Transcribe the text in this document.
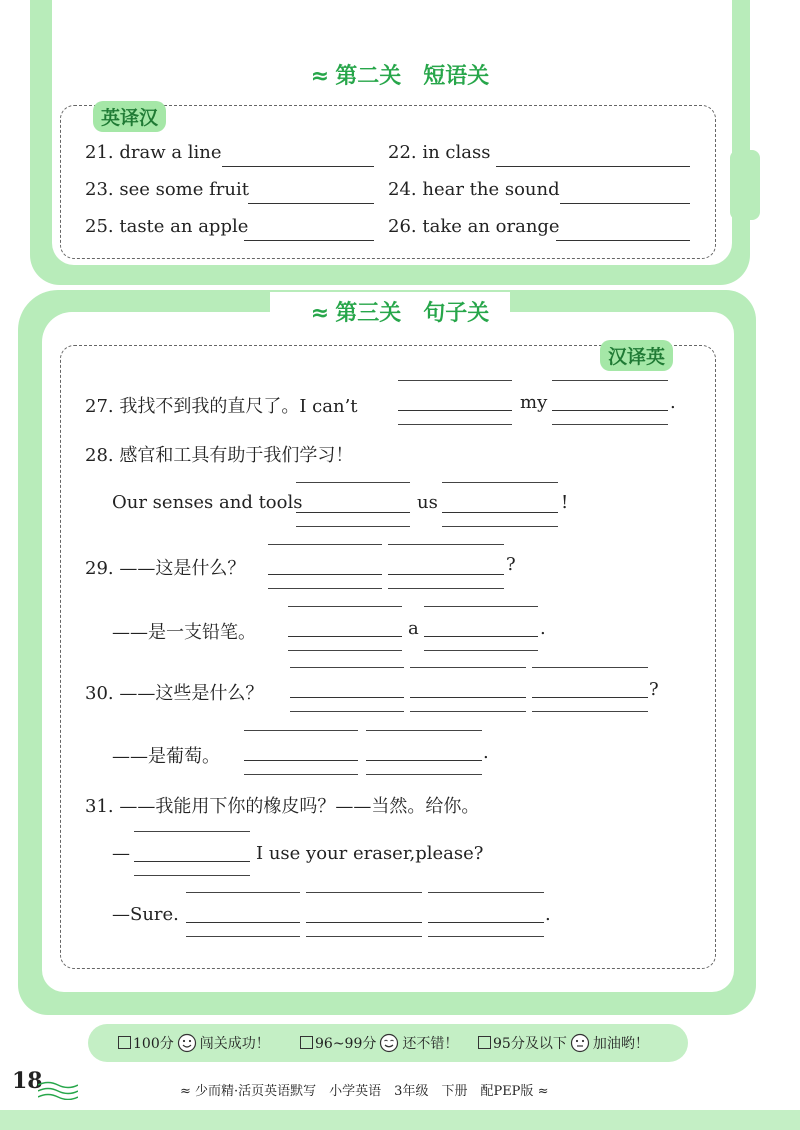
≈ 第二关 短语关
英译汉
21. draw a line	22. in class
23. see some fruit	24. hear the sound
25. taste an apple	26. take an orange
≈ 第三关 句子关
汉译英
27. 我找不到我的直尺了。I can’t	my	.
28. 感官和工具有助于我们学习！
Our senses and tools	us	!
29. ——这是什么？	?
——是一支铅笔。	a	.
30. ——这些是什么？	?
——是葡萄。	.
31. ——我能用下你的橡皮吗？——当然。给你。
—	I use your eraser,please?
—Sure.	.
100分 闯关成功！	96~99分 还不错！	95分及以下 加油哟！
18	≈ 少而精·活页英语默写　小学英语　3年级　下册　配PEP版 ≈
